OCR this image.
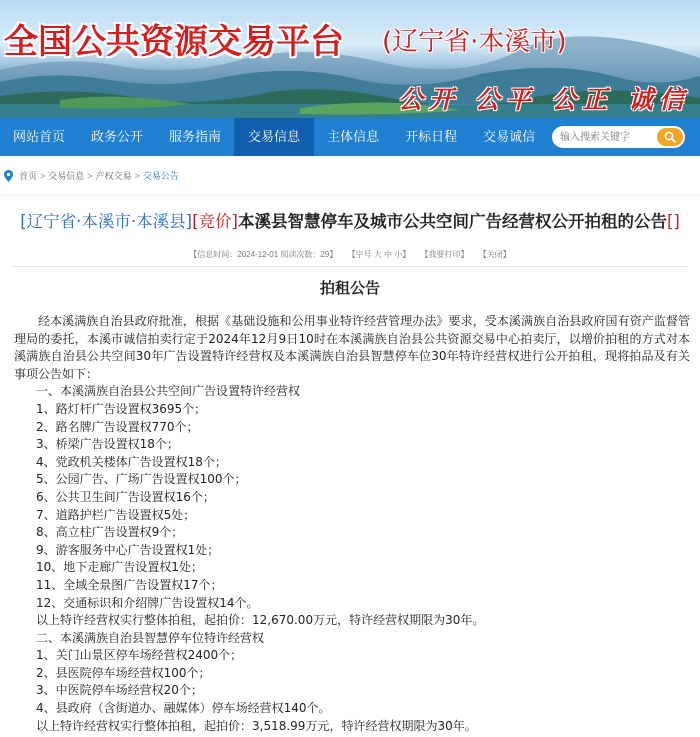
全国公共资源交易平台 (辽宁省·本溪市)
公开 公平 公正 诚信
网站首页	政务公开	服务指南	交易信息	主体信息	开标日程	交易诚信
输入搜索关键字
首页 > 交易信息 > 产权交易 > 交易公告
[辽宁省·本溪市·本溪县][竞价]本溪县智慧停车及城市公共空间广告经营权公开拍租的公告[]
【信息时间：2024-12-01 阅读次数：29】 【字号 大 中 小】 【我要打印】 【关闭】
拍租公告

经本溪满族自治县政府批准，根据《基础设施和公用事业特许经营管理办法》要求，受本溪满族自治县政府国有资产监督管理局的委托，本溪市诚信拍卖行定于2024年12月9日10时在本溪满族自治县公共资源交易中心拍卖厅，以增价拍租的方式对本溪满族自治县公共空间30年广告设置特许经营权及本溪满族自治县智慧停车位30年特许经营权进行公开拍租，现将拍品及有关事项公告如下：

一、本溪满族自治县公共空间广告设置特许经营权
1、路灯杆广告设置权3695个；
2、路名牌广告设置权770个；
3、桥梁广告设置权18个；
4、党政机关楼体广告设置权18个；
5、公园广告、广场广告设置权100个；
6、公共卫生间广告设置权16个；
7、道路护栏广告设置权5处；
8、高立柱广告设置权9个；
9、游客服务中心广告设置权1处；
10、地下走廊广告设置权1处；
11、全域全景图广告设置权17个；
12、交通标识和介绍牌广告设置权14个。
以上特许经营权实行整体拍租，起拍价：12,670.00万元，特许经营权期限为30年。
二、本溪满族自治县智慧停车位特许经营权
1、关门山景区停车场经营权2400个；
2、县医院停车场经营权100个；
3、中医院停车场经营权20个；
4、县政府（含街道办、融媒体）停车场经营权140个。
以上特许经营权实行整体拍租，起拍价：3,518.99万元，特许经营权期限为30年。
